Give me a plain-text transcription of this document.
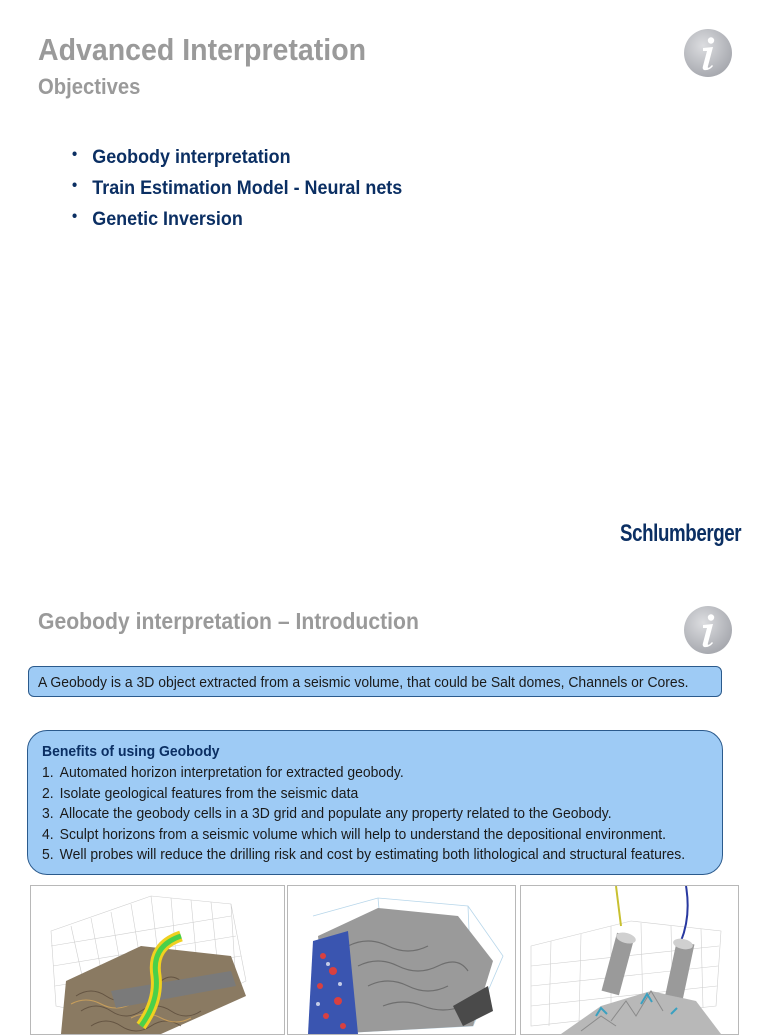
Advanced Interpretation
Objectives
• Geobody interpretation
• Train Estimation Model - Neural nets
• Genetic Inversion
Schlumberger
Geobody interpretation – Introduction
A Geobody is a 3D object extracted from a seismic volume, that could be Salt domes, Channels or Cores.
Benefits of using Geobody
1. Automated horizon interpretation for extracted geobody.
2. Isolate geological features from the seismic data
3. Allocate the geobody cells in a 3D grid and populate any property related to the Geobody.
4. Sculpt horizons from a seismic volume which will help to understand the depositional environment.
5. Well probes will reduce the drilling risk and cost by estimating both lithological and structural features.
